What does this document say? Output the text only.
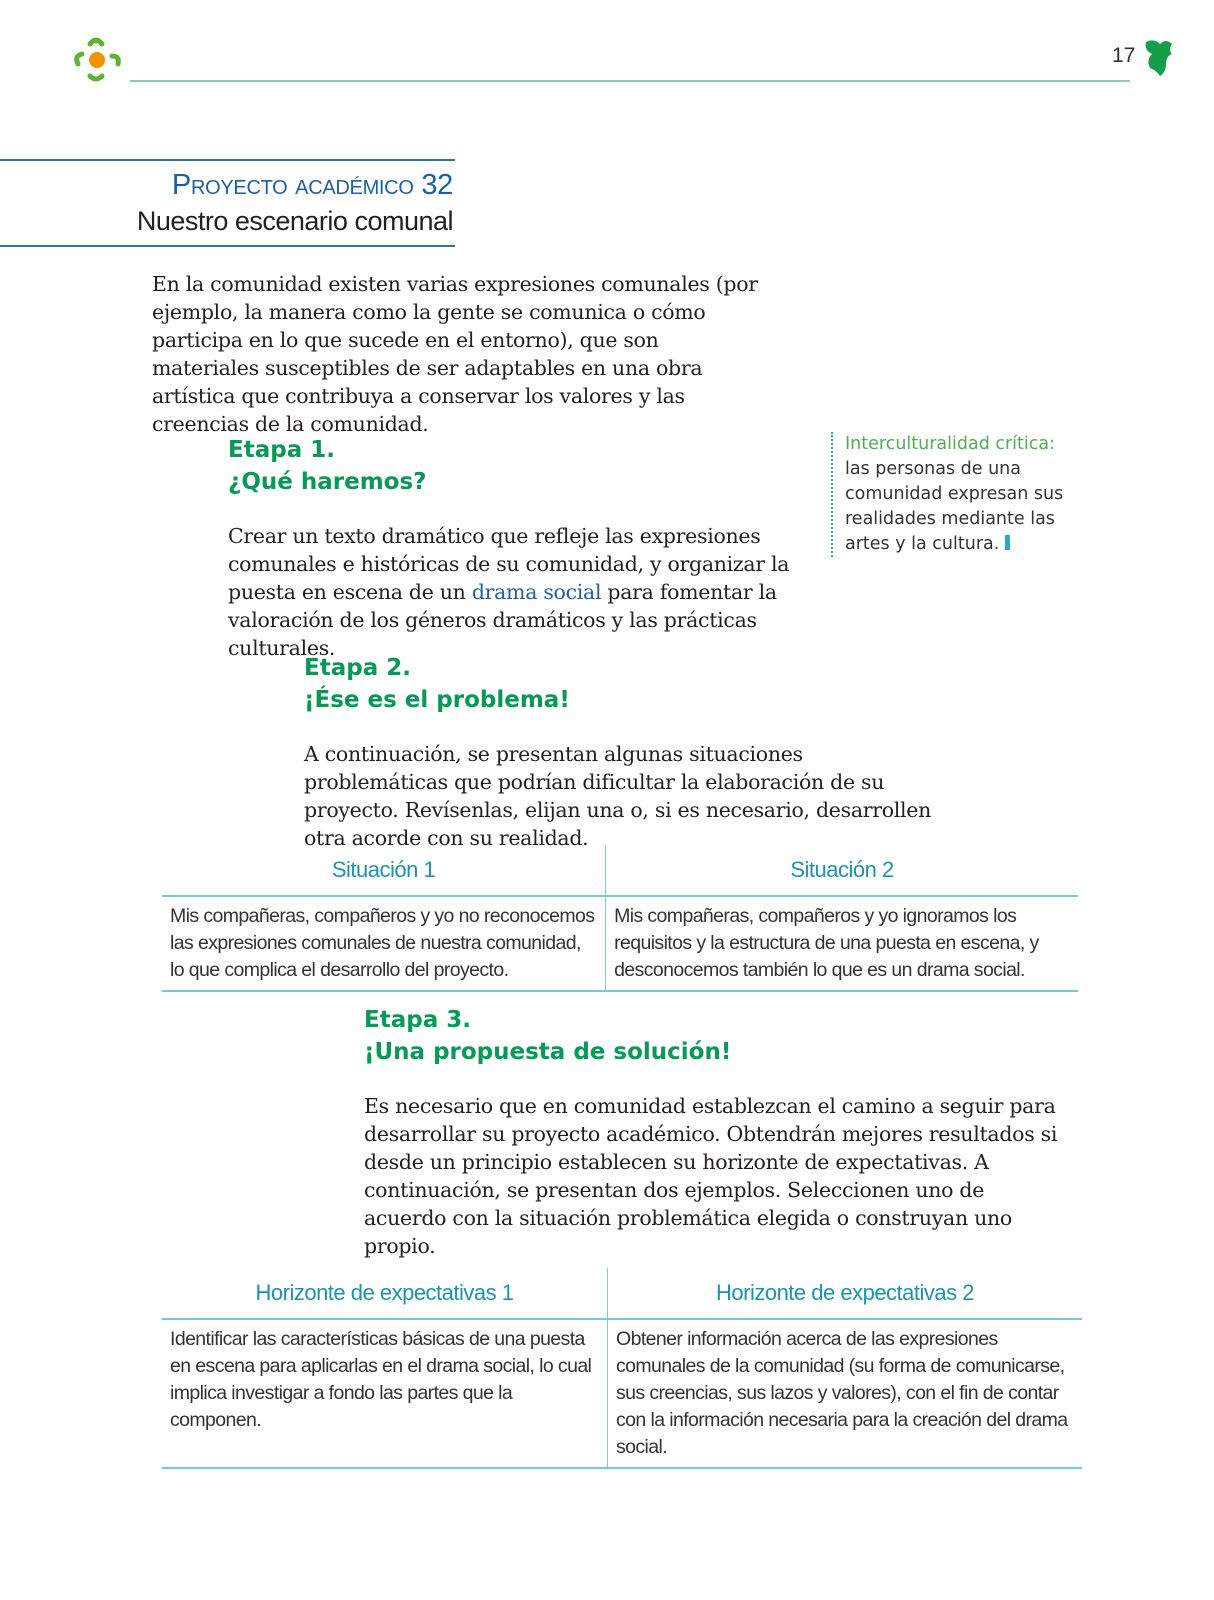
17
Proyecto académico 32
Nuestro escenario comunal

En la comunidad existen varias expresiones comunales (por ejemplo, la manera como la gente se comunica o cómo participa en lo que sucede en el entorno), que son materiales susceptibles de ser adaptables en una obra artística que contribuya a conservar los valores y las creencias de la comunidad.

Etapa 1.
¿Qué haremos?

Crear un texto dramático que refleje las expresiones comunales e históricas de su comunidad, y organizar la puesta en escena de un drama social para fomentar la valoración de los géneros dramáticos y las prácticas culturales.

Interculturalidad crítica:
las personas de una comunidad expresan sus realidades mediante las artes y la cultura.
Etapa 2.
¡Ése es el problema!

A continuación, se presentan algunas situaciones problemáticas que podrían dificultar la elaboración de su proyecto. Revísenlas, elijan una o, si es necesario, desarrollen otra acorde con su realidad.

Situación 1	Situación 2
Mis compañeras, compañeros y yo no reconocemos las expresiones comunales de nuestra comunidad, lo que complica el desarrollo del proyecto.
Mis compañeras, compañeros y yo ignoramos los requisitos y la estructura de una puesta en escena, y desconocemos también lo que es un drama social.
Etapa 3.
¡Una propuesta de solución!

Es necesario que en comunidad establezcan el camino a seguir para desarrollar su proyecto académico. Obtendrán mejores resultados si desde un principio establecen su horizonte de expectativas. A continuación, se presentan dos ejemplos. Seleccionen uno de acuerdo con la situación problemática elegida o construyan uno propio.

Horizonte de expectativas 1	Horizonte de expectativas 2
Identificar las características básicas de una puesta en escena para aplicarlas en el drama social, lo cual implica investigar a fondo las partes que la componen.
Obtener información acerca de las expresiones comunales de la comunidad (su forma de comunicarse, sus creencias, sus lazos y valores), con el fin de contar con la información necesaria para la creación del drama social.
